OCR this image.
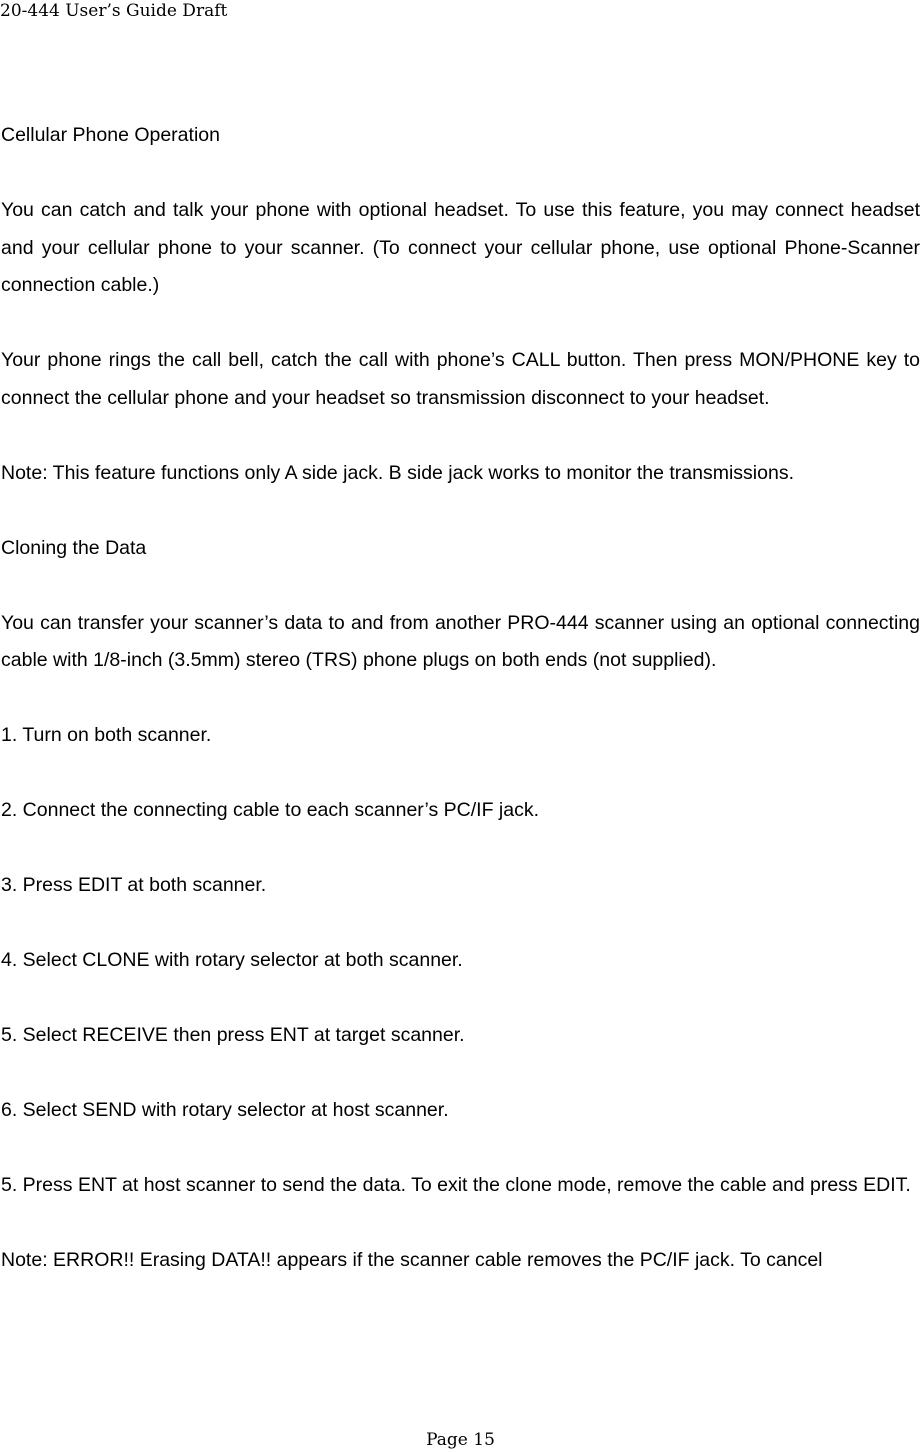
20-444 User’s Guide Draft

Cellular Phone Operation

You can catch and talk your phone with optional headset. To use this feature, you may connect headset and your cellular phone to your scanner. (To connect your cellular phone, use optional Phone-Scanner connection cable.)

Your phone rings the call bell, catch the call with phone’s CALL button. Then press MON/PHONE key to connect the cellular phone and your headset so transmission disconnect to your headset.

Note: This feature functions only A side jack. B side jack works to monitor the transmissions.

Cloning the Data

You can transfer your scanner’s data to and from another PRO-444 scanner using an optional connecting cable with 1/8-inch (3.5mm) stereo (TRS) phone plugs on both ends (not supplied).

1. Turn on both scanner.

2. Connect the connecting cable to each scanner’s PC/IF jack.

3. Press EDIT at both scanner.

4. Select CLONE with rotary selector at both scanner.

5. Select RECEIVE then press ENT at target scanner.

6. Select SEND with rotary selector at host scanner.

5. Press ENT at host scanner to send the data. To exit the clone mode, remove the cable and press EDIT.

Note: ERROR!! Erasing DATA!! appears if the scanner cable removes the PC/IF jack. To cancel

Page 15
